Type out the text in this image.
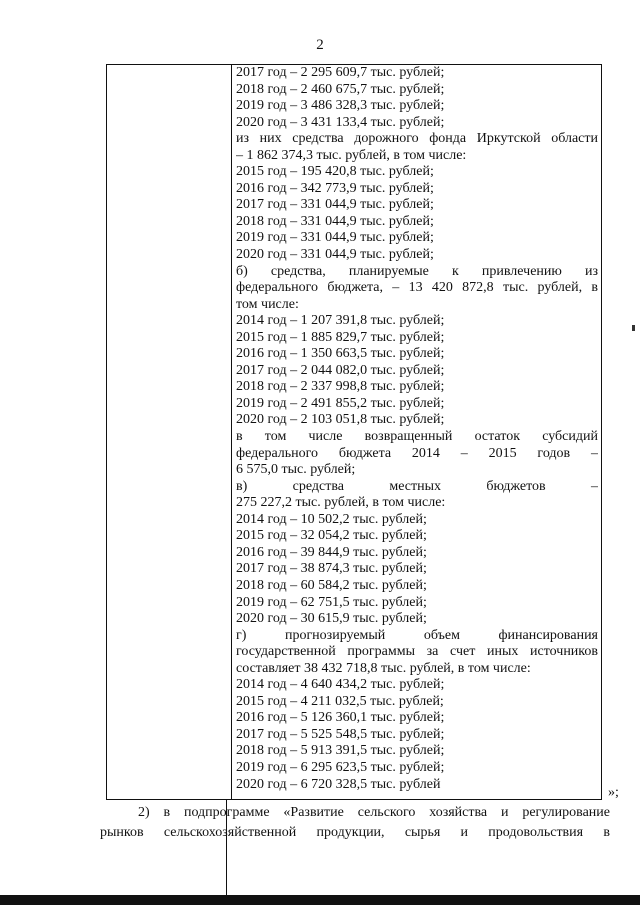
2
2017 год – 2 295 609,7 тыс. рублей;
2018 год – 2 460 675,7 тыс. рублей;
2019 год – 3 486 328,3 тыс. рублей;
2020 год – 3 431 133,4 тыс. рублей;
из них средства дорожного фонда Иркутской области
– 1 862 374,3 тыс. рублей, в том числе:
2015 год – 195 420,8 тыс. рублей;
2016 год – 342 773,9 тыс. рублей;
2017 год – 331 044,9 тыс. рублей;
2018 год – 331 044,9 тыс. рублей;
2019 год – 331 044,9 тыс. рублей;
2020 год – 331 044,9 тыс. рублей;
б) средства, планируемые к привлечению из
федерального бюджета, – 13 420 872,8 тыс. рублей, в
том числе:
2014 год – 1 207 391,8 тыс. рублей;
2015 год – 1 885 829,7 тыс. рублей;
2016 год – 1 350 663,5 тыс. рублей;
2017 год – 2 044 082,0 тыс. рублей;
2018 год – 2 337 998,8 тыс. рублей;
2019 год – 2 491 855,2 тыс. рублей;
2020 год – 2 103 051,8 тыс. рублей;
в том числе возвращенный остаток субсидий
федерального бюджета 2014 – 2015 годов –
6 575,0 тыс. рублей;
в) средства местных бюджетов –
275 227,2 тыс. рублей, в том числе:
2014 год – 10 502,2 тыс. рублей;
2015 год – 32 054,2 тыс. рублей;
2016 год – 39 844,9 тыс. рублей;
2017 год – 38 874,3 тыс. рублей;
2018 год – 60 584,2 тыс. рублей;
2019 год – 62 751,5 тыс. рублей;
2020 год – 30 615,9 тыс. рублей;
г) прогнозируемый объем финансирования
государственной программы за счет иных источников
составляет 38 432 718,8 тыс. рублей, в том числе:
2014 год – 4 640 434,2 тыс. рублей;
2015 год – 4 211 032,5 тыс. рублей;
2016 год – 5 126 360,1 тыс. рублей;
2017 год – 5 525 548,5 тыс. рублей;
2018 год – 5 913 391,5 тыс. рублей;
2019 год – 6 295 623,5 тыс. рублей;
2020 год – 6 720 328,5 тыс. рублей
»;
2) в подпрограмме «Развитие сельского хозяйства и регулирование
рынков сельскохозяйственной продукции, сырья и продовольствия в
